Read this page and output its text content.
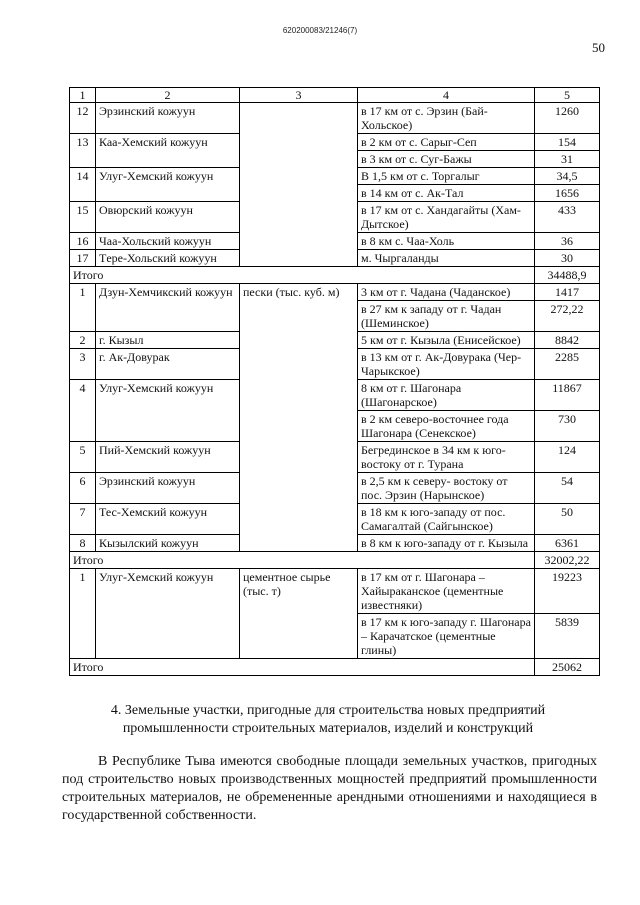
620200083/21246(7)
50
1	2	3	4	5
12	Эрзинский кожуун		в 17 км от с. Эрзин (Бай-Хольское)	1260
13	Каа-Хемский кожуун		в 2 км от с. Сарыг-Сеп	154
			в 3 км от с. Суг-Бажы	31
14	Улуг-Хемский кожуун		В 1,5 км от с. Торгалыг	34,5
			в 14 км от с. Ак-Тал	1656
15	Овюрский кожуун		в 17 км от с. Хандагайты (Хам-Дытское)	433
16	Чаа-Хольский кожуун		в 8 км с. Чаа-Холь	36
17	Tере-Хольский кожуун		м. Чыргаланды	30
Итого				34488,9
1	Дзун-Хемчикский кожуун	пески (тыс. куб. м)	3 км от г. Чадана (Чаданское)	1417
			в 27 км к западу от г. Чадан (Шеминское)	272,22
2	г. Кызыл		5 км от г. Кызыла (Енисейское)	8842
3	г. Ак-Довурак		в 13 км от г. Ак-Довурака (Чер-Чарыкское)	2285
4	Улуг-Хемский кожуун		8 км от г. Шагонара (Шагонарское)	11867
			в 2 км северо-восточнее года Шагонара (Сенекское)	730
5	Пий-Хемский кожуун		Бегрединское в 34 км к юго-востоку от г. Турана	124
6	Эрзинский кожуун		в 2,5 км к северу- востоку от пос. Эрзин (Нарынское)	54
7	Тес-Хемский кожуун		в 18 км к юго-западу от пос. Самагалтай (Сайгынское)	50
8	Кызылский кожуун		в 8 км к юго-западу от г. Кызыла	6361
Итого				32002,22
1	Улуг-Хемский кожуун	цементное сырье (тыс. т)	в 17 км от г. Шагонара – Хайыраканское (цементные известняки)	19223
			в 17 км к юго-западу г. Шагонара – Карачатское (цементные глины)	5839
Итого				25062
4. Земельные участки, пригодные для строительства новых предприятий промышленности строительных материалов, изделий и конструкций
В Республике Тыва имеются свободные площади земельных участков, пригодных под строительство новых производственных мощностей предприятий промышленности строительных материалов, не обремененные арендными отношениями и находящиеся в государственной собственности.
